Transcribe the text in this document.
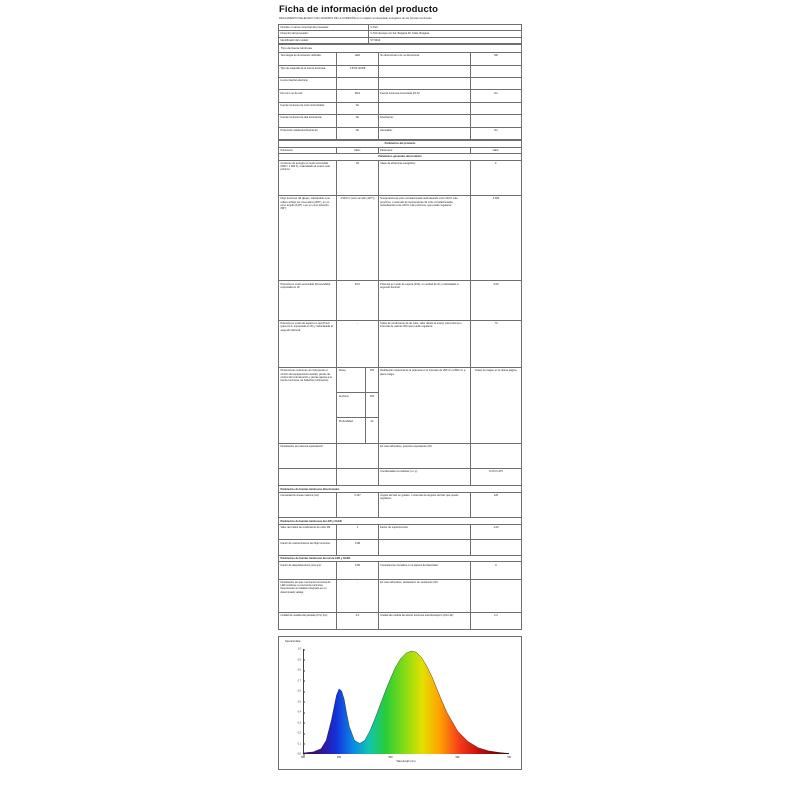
Ficha de información del producto
REGLAMENTO DELEGADO (UE) 2019/2015 DE LA COMISIÓN en lo relativo al etiquetado energético de las fuentes luminosas
Nombre o marca comercial del proveedor:	V-TAC
Dirección del proveedor:	V-TAC Europe Ltd, bul. Bulgaria 45, Sofia, Bulgaria
Identificador del modelo:	VT-5913
Tipo de fuente luminosa			
Tecnología de iluminación utilizada:	LED	No direccional o de no direccional:	ND
Tipo de casquillo de la fuente luminosa:	1.5V/5; E26/8		
la otra interfaz eléctrica:			
De red o no de red:	MLS	Fuente luminosa conectada (CLS):	No
Fuente luminosa de color sintonizable:	No		
Fuente luminosa de alta luminancia:	No	Envolvente:	
Protección antideslumbramiento:	No	Atenuable:	No
Parámetros del producto				
Parámetro:	Valor:		Parámetro:	Valor:
Parámetros generales del producto				
Consumo de energía en modo encendido (kWh / 1 000 h), redondeado al entero más próximo:	39		Clase de eficiencia energética:	F
Flujo luminoso útil (ɸuse), indicándolo si se refiere al flujo por una esfera (360°), en un cono amplio (120°) o en un cono estrecho (90°):	4 515 lm (cono amplio (120°))		Temperatura de color correlacionada redondeando a los 100 K más próximos, o intervalo de temperaturas de color correlacionadas, redondeando a los 100 K más próximos, que puede regularse:	6 000
Potencia en modo encendido (Pencendido), expresada en W:	40,0		Potencia en modo de espera (Psb), en unidad de W y redondeado a segundo decimal:	0,00
Potencia en modo de espera en red (Pnet) (para CLS, expresada en W) y redondeada al segundo decimal:	-		Índice de rendimiento de de color, valor dando el entero más próximo o intervalo de valores IRC que puede regularse:	70
Dimensiones exteriores sin incluyendo el control del equipamiento auxiliar, piezas de control de la iluminación y piezas ajenas a la fuente luminosa, de haberlas (milímetros):	Altura	150	Distribución espectral de la potencia en el intervalo de 250 nm a 800 nm a plena carga:	Véase la imagen en la última página.
	Anchura	150		
	Profundidad	24		
Declaración de potencia equivalente*			En caso afirmativo, potencia equivalente (W):	
			Coordenadas cromáticas (x e y):	0,374 0,375
Parámetros de fuentes luminosas direccionales				
Intensidad luminosa máxima (cd):	3 137		Ángulo del haz en grados, o intervalo de ángulos del haz que puede regularse:	120
Parámetros de fuentes luminosas de LED y OLED				
Valor del índice de rendimiento de color R9:	1		Factor de supervivencia:	1,00
Factor de mantenimiento del flujo luminoso:	0,98			
Parámetros de fuentes luminosas de red de LED y OLED				
Factor de desplazamiento (cos φ1):	0,95		Consistencia cromática en el elipses de MacAdam:	6
Declaración de que una fuente luminosa de LED sustituye a una fuente luminosa fluorescente sin balasto integrado en un determinado vatiaje:	-		En caso afirmativo, declaración de sustitución (W):	
Unidad de medida del parásito (Pm) (lm):	2,0		Unidad de medida del efecto luminoso estroboscópico (Pst LM):	2,2
Spectral data
0.0
0.1
0.2
0.3
0.4
0.5
0.6
0.7
0.8
0.9
1.0
380	450	550	680	780
Wavelength (nm)
